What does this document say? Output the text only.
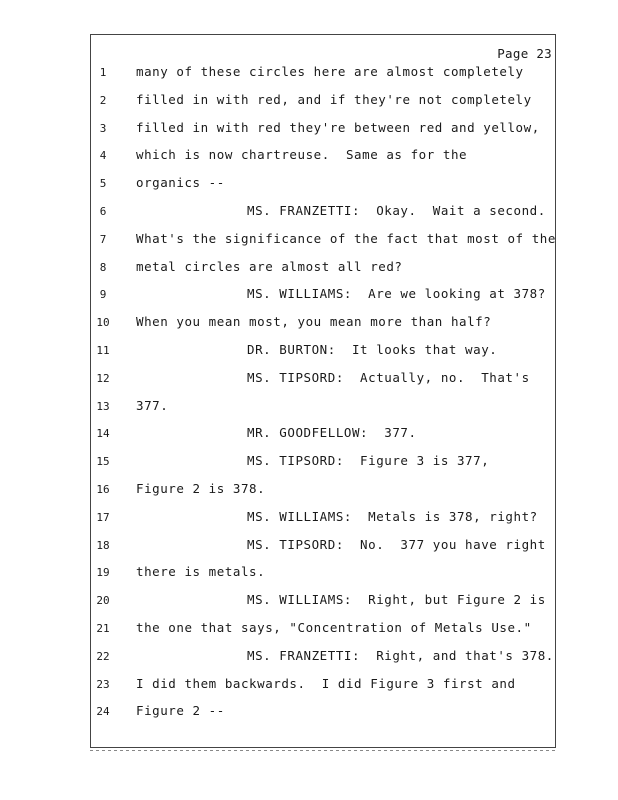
Page 23
1	many of these circles here are almost completely
2	filled in with red, and if they're not completely
3	filled in with red they're between red and yellow,
4	which is now chartreuse.  Same as for the
5	organics --
6	MS. FRANZETTI:  Okay.  Wait a second.
7	What's the significance of the fact that most of the
8	metal circles are almost all red?
9	MS. WILLIAMS:  Are we looking at 378?
10	When you mean most, you mean more than half?
11	DR. BURTON:  It looks that way.
12	MS. TIPSORD:  Actually, no.  That's
13	377.
14	MR. GOODFELLOW:  377.
15	MS. TIPSORD:  Figure 3 is 377,
16	Figure 2 is 378.
17	MS. WILLIAMS:  Metals is 378, right?
18	MS. TIPSORD:  No.  377 you have right
19	there is metals.
20	MS. WILLIAMS:  Right, but Figure 2 is
21	the one that says, "Concentration of Metals Use."
22	MS. FRANZETTI:  Right, and that's 378.
23	I did them backwards.  I did Figure 3 first and
24	Figure 2 --
